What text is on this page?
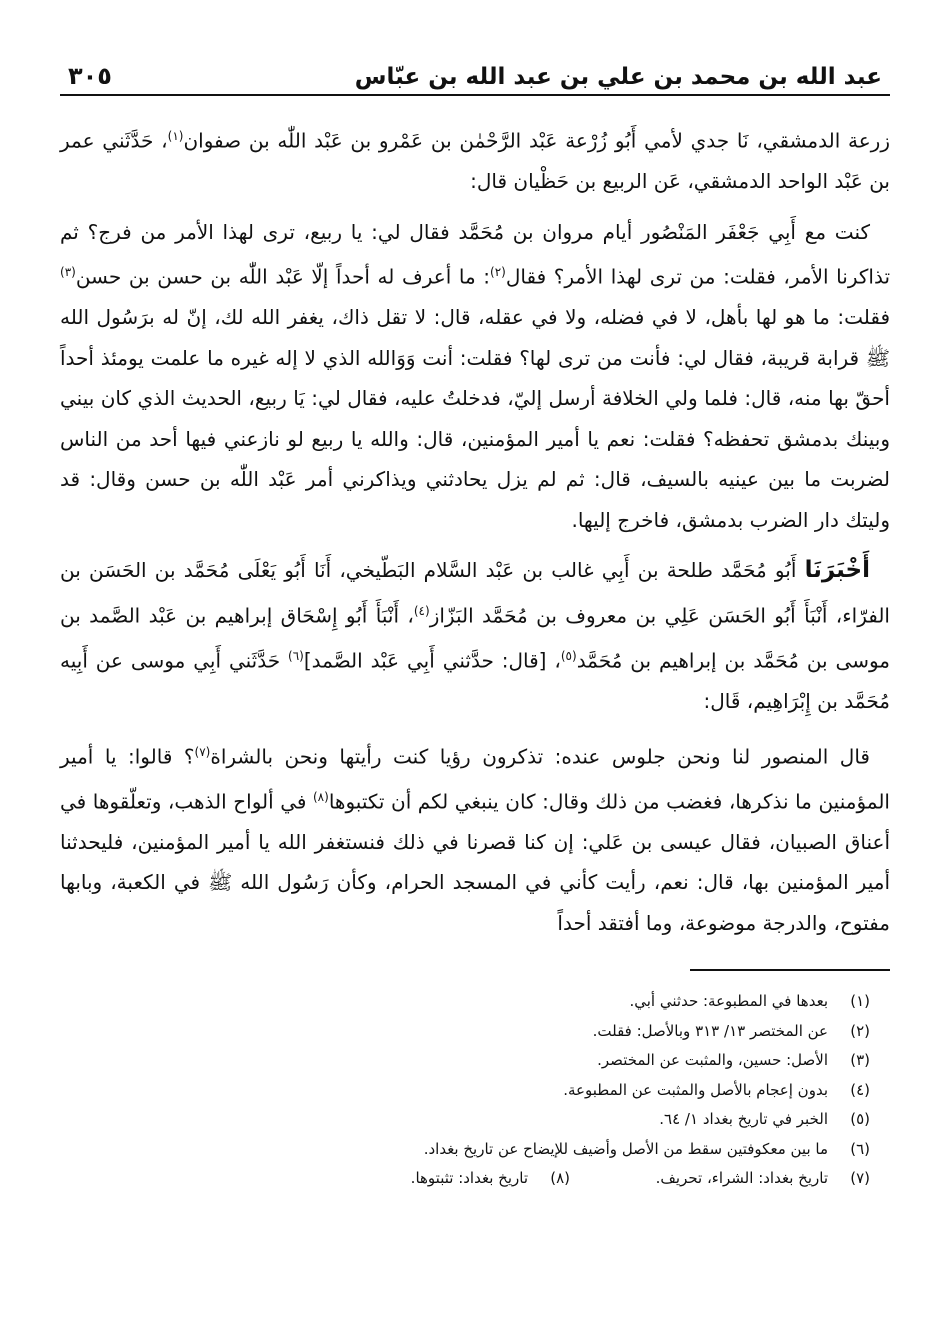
عبد الله بن محمد بن علي بن عبد الله بن عبّاس
٣٠٥

زرعة الدمشقي، نَا جدي لأمي أَبُو زُرْعة عَبْد الرَّحْمٰن بن عَمْرو بن عَبْد اللّٰه بن صفوان$^{(١)}$، حَدَّثَني عمر بن عَبْد الواحد الدمشقي، عَن الربيع بن حَظْيان قال:

كنت مع أَبِي جَعْفَر المَنْصُور أيام مروان بن مُحَمَّد فقال لي: يا ربيع، ترى لهذا الأمر من فرج؟ ثم تذاكرنا الأمر، فقلت: من ترى لهذا الأمر؟ فقال$^{(٢)}$: ما أعرف له أحداً إلّا عَبْد اللّٰه بن حسن بن حسن$^{(٣)}$ فقلت: ما هو لها بأهل، لا في فضله، ولا في عقله، قال: لا تقل ذاك، يغفر الله لك، إنّ له برَسُول الله ﷺ قرابة قريبة، فقال لي: فأنت من ترى لها؟ فقلت: أنت وَوَالله الذي لا إله غيره ما علمت يومئذ أحداً أحقّ بها منه، قال: فلما ولي الخلافة أرسل إليّ، فدخلتُ عليه، فقال لي: يَا ربيع، الحديث الذي كان بيني وبينك بدمشق تحفظه؟ فقلت: نعم يا أمير المؤمنين، قال: والله يا ربيع لو نازعني فيها أحد من الناس لضربت ما بين عينيه بالسيف، قال: ثم لم يزل يحادثني ويذاكرني أمر عَبْد اللّٰه بن حسن وقال: قد وليتك دار الضرب بدمشق، فاخرج إليها.

أَخْبَرَنَا أَبُو مُحَمَّد طلحة بن أَبِي غالب بن عَبْد السَّلام البَطّيخي، أَنَا أَبُو يَعْلَى مُحَمَّد بن الحَسَن بن الفرّاء، أَنْبَأَ أَبُو الحَسَن عَلِي بن معروف بن مُحَمَّد البَزّاز$^{(٤)}$، أَنْبَأَ أَبُو إِسْحَاق إبراهيم بن عَبْد الصَّمد بن موسى بن مُحَمَّد بن إبراهيم بن مُحَمَّد$^{(٥)}$، [قال: حدَّثني أَبِي عَبْد الصَّمد]$^{(٦)}$ حَدَّثَني أَبِي موسى عن أَبِيه مُحَمَّد بن إِبْرَاهِيم، قَال:

قال المنصور لنا ونحن جلوس عنده: تذكرون رؤيا كنت رأيتها ونحن بالشراة$^{(٧)}$؟ قالوا: يا أمير المؤمنين ما نذكرها، فغضب من ذلك وقال: كان ينبغي لكم أن تكتبوها$^{(٨)}$ في ألواح الذهب، وتعلّقوها في أعناق الصبيان، فقال عيسى بن عَلي: إن كنا قصرنا في ذلك فنستغفر الله يا أمير المؤمنين، فليحدثنا أمير المؤمنين بها، قال: نعم، رأيت كأني في المسجد الحرام، وكأن رَسُول الله ﷺ في الكعبة، وبابها مفتوح، والدرجة موضوعة، وما أفتقد أحداً

(١)
بعدها في المطبوعة: حدثني أبي.
(٢)
عن المختصر ١٣/ ٣١٣ وبالأصل: فقلت.
(٣)
الأصل: حسين، والمثبت عن المختصر.
(٤)
بدون إعجام بالأصل والمثبت عن المطبوعة.
(٥)
الخبر في تاريخ بغداد ١/ ٦٤.
(٦)
ما بين معكوفتين سقط من الأصل وأضيف للإيضاح عن تاريخ بغداد.
(٧)
تاريخ بغداد: الشراء، تحريف.
(٨)
تاريخ بغداد: تثبتوها.
